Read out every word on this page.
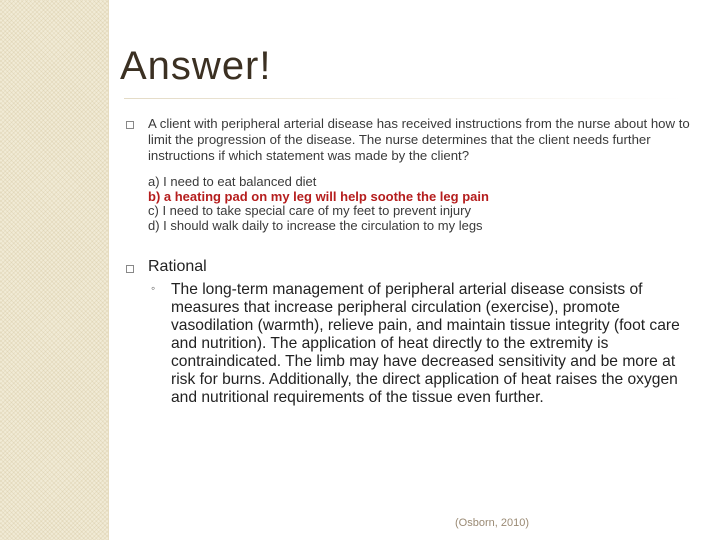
Answer!
A client with peripheral arterial disease has received instructions from the nurse about how to limit the progression of the disease. The nurse determines that the client needs further instructions if which statement was made by the client?
a) I need to eat balanced diet
b) a heating pad on my leg will help soothe the leg pain
c) I need to take special care of my feet to prevent injury
d) I should walk daily to increase the circulation to my legs
Rational
◦ The long-term management of peripheral arterial disease consists of measures that increase peripheral circulation (exercise), promote vasodilation (warmth), relieve pain, and maintain tissue integrity (foot care and nutrition). The application of heat directly to the extremity is contraindicated. The limb may have decreased sensitivity and be more at risk for burns. Additionally, the direct application of heat raises the oxygen and nutritional requirements of the tissue even further.
(Osborn, 2010)
